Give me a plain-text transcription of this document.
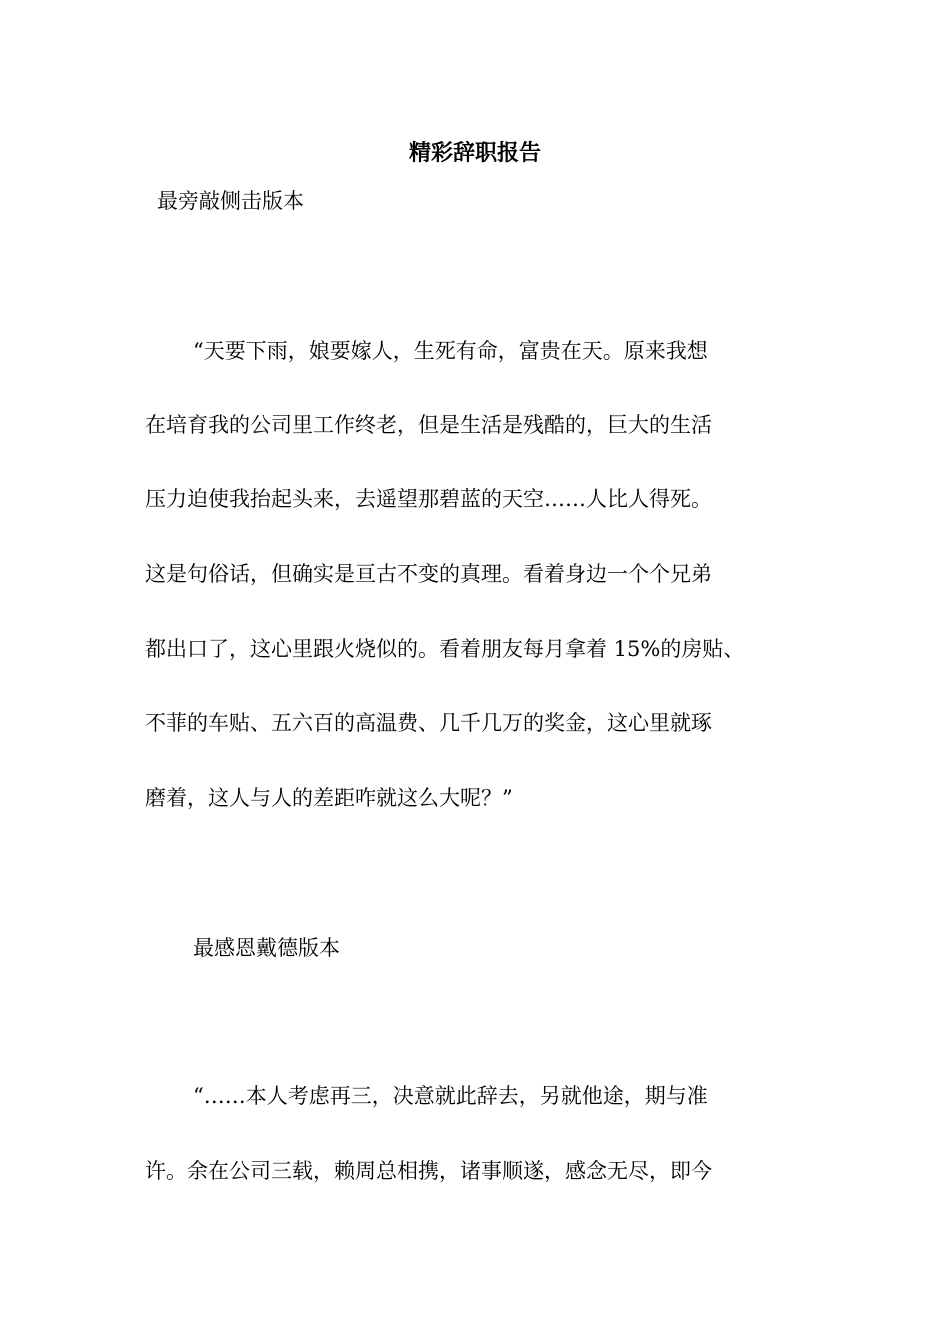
精彩辞职报告
最旁敲侧击版本
“天要下雨，娘要嫁人，生死有命，富贵在天。原来我想
在培育我的公司里工作终老，但是生活是残酷的，巨大的生活
压力迫使我抬起头来，去遥望那碧蓝的天空……人比人得死。
这是句俗话，但确实是亘古不变的真理。看着身边一个个兄弟
都出口了，这心里跟火烧似的。看着朋友每月拿着 15%的房贴、
不菲的车贴、五六百的高温费、几千几万的奖金，这心里就琢
磨着，这人与人的差距咋就这么大呢？”
最感恩戴德版本
“……本人考虑再三，决意就此辞去，另就他途，期与准
许。余在公司三载，赖周总相携，诸事顺遂，感念无尽，即今
